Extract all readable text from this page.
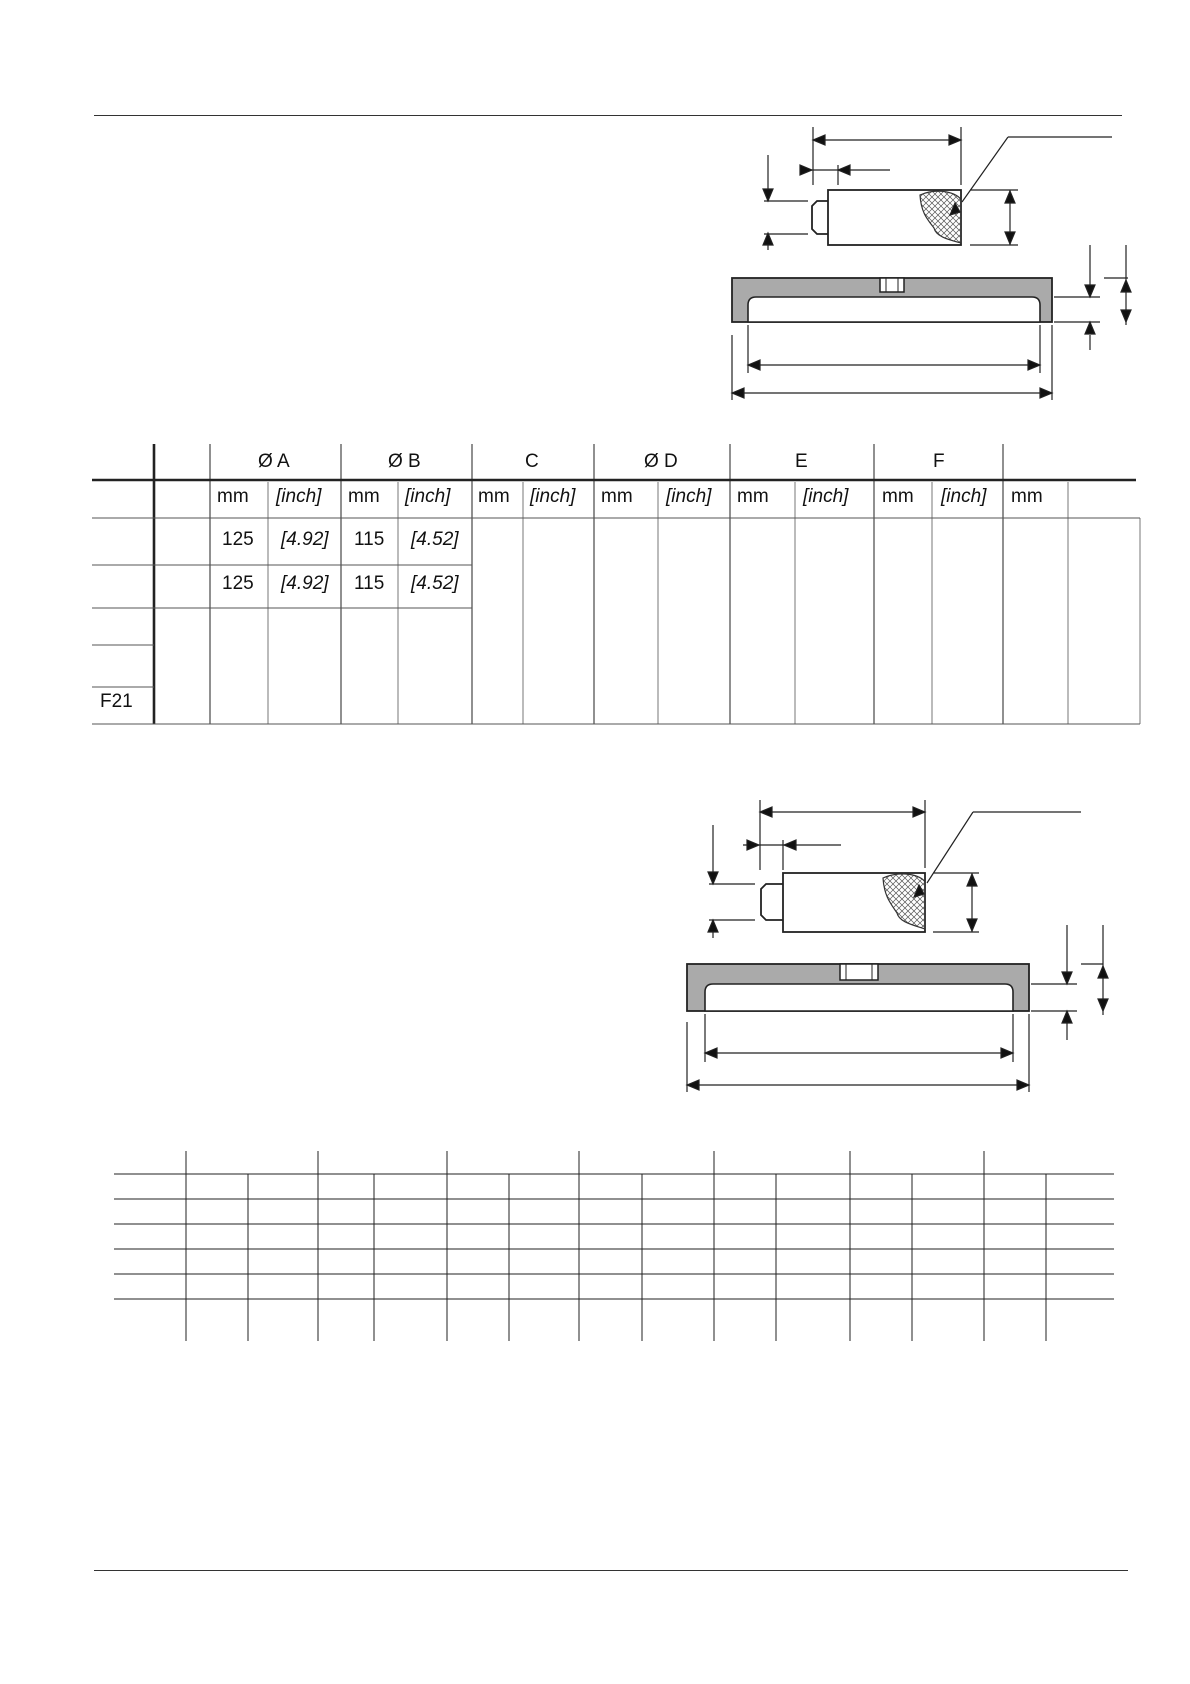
Ø A	Ø B	C	Ø D	E	F
mm [inch] mm [inch] mm [inch] mm [inch] mm [inch] mm [inch] mm
125 [4.92] 115 [4.52]
125 [4.92] 115 [4.52]
F21
